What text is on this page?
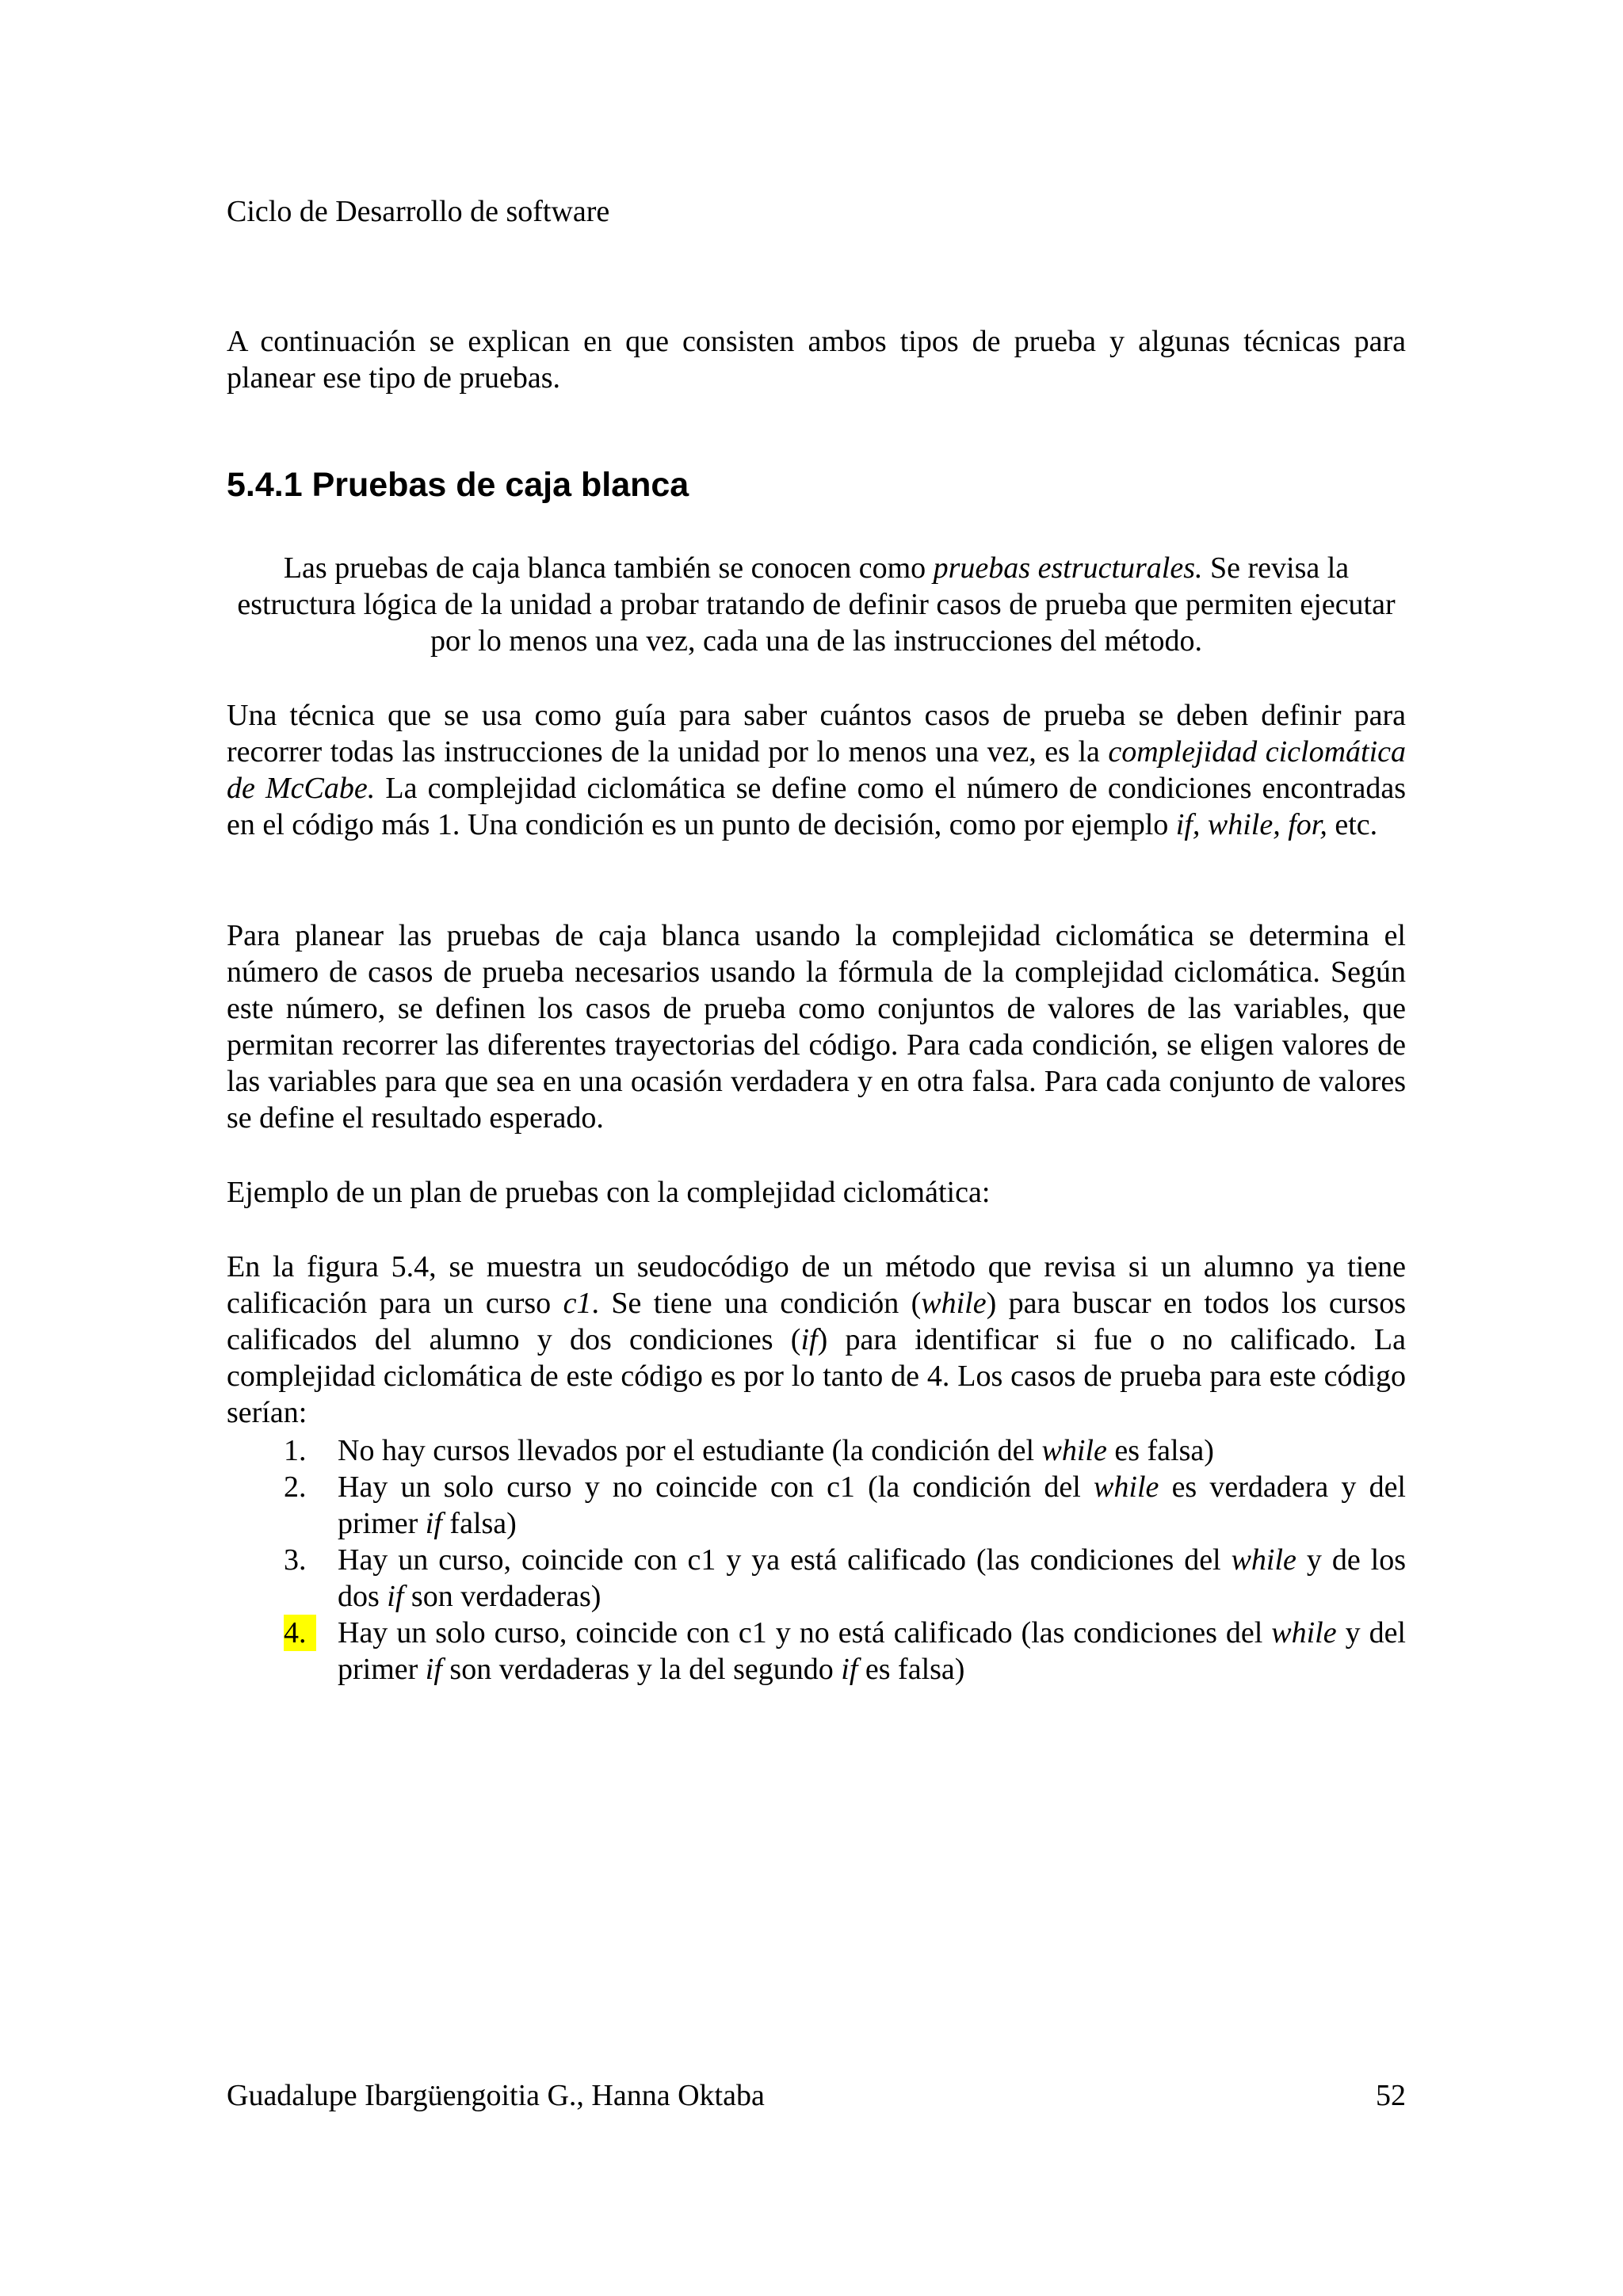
Ciclo de Desarrollo de software

A continuación se explican en que consisten ambos tipos de prueba y algunas técnicas para planear ese tipo de pruebas.

5.4.1 Pruebas de caja blanca

Las pruebas de caja blanca también se conocen como pruebas estructurales. Se revisa la estructura lógica de la unidad a probar tratando de definir casos de prueba que permiten ejecutar por lo menos una vez, cada una de las instrucciones del método.

Una técnica que se usa como guía para saber cuántos casos de prueba se deben definir para recorrer todas las instrucciones de la unidad por lo menos una vez, es la complejidad ciclomática de McCabe. La complejidad ciclomática se define como el número de condiciones encontradas en el código más 1. Una condición es un punto de decisión, como por ejemplo if, while, for, etc.

Para planear las pruebas de caja blanca usando la complejidad ciclomática se determina el número de casos de prueba necesarios usando la fórmula de la complejidad ciclomática. Según este número, se definen los casos de prueba como conjuntos de valores de las variables, que permitan recorrer las diferentes trayectorias del código. Para cada condición, se eligen valores de las variables para que sea en una ocasión verdadera y en otra falsa. Para cada conjunto de valores se define el resultado esperado.

Ejemplo de un plan de pruebas con la complejidad ciclomática:

En la figura 5.4, se muestra un seudocódigo de un método que revisa si un alumno ya tiene calificación para un curso c1. Se tiene una condición (while) para buscar en todos los cursos calificados del alumno y dos condiciones (if) para identificar si fue o no calificado. La complejidad ciclomática de este código es por lo tanto de 4. Los casos de prueba para este código serían:

1. No hay cursos llevados por el estudiante (la condición del while es falsa)
2. Hay un solo curso y no coincide con c1 (la condición del while es verdadera y del primer if falsa)
3. Hay un curso, coincide con c1 y ya está calificado (las condiciones del while y de los dos if son verdaderas)
4.	Hay un solo curso, coincide con c1 y no está calificado (las condiciones del while y del primer if son verdaderas y la del segundo if es falsa)
Guadalupe Ibargüengoitia G., Hanna Oktaba	52
